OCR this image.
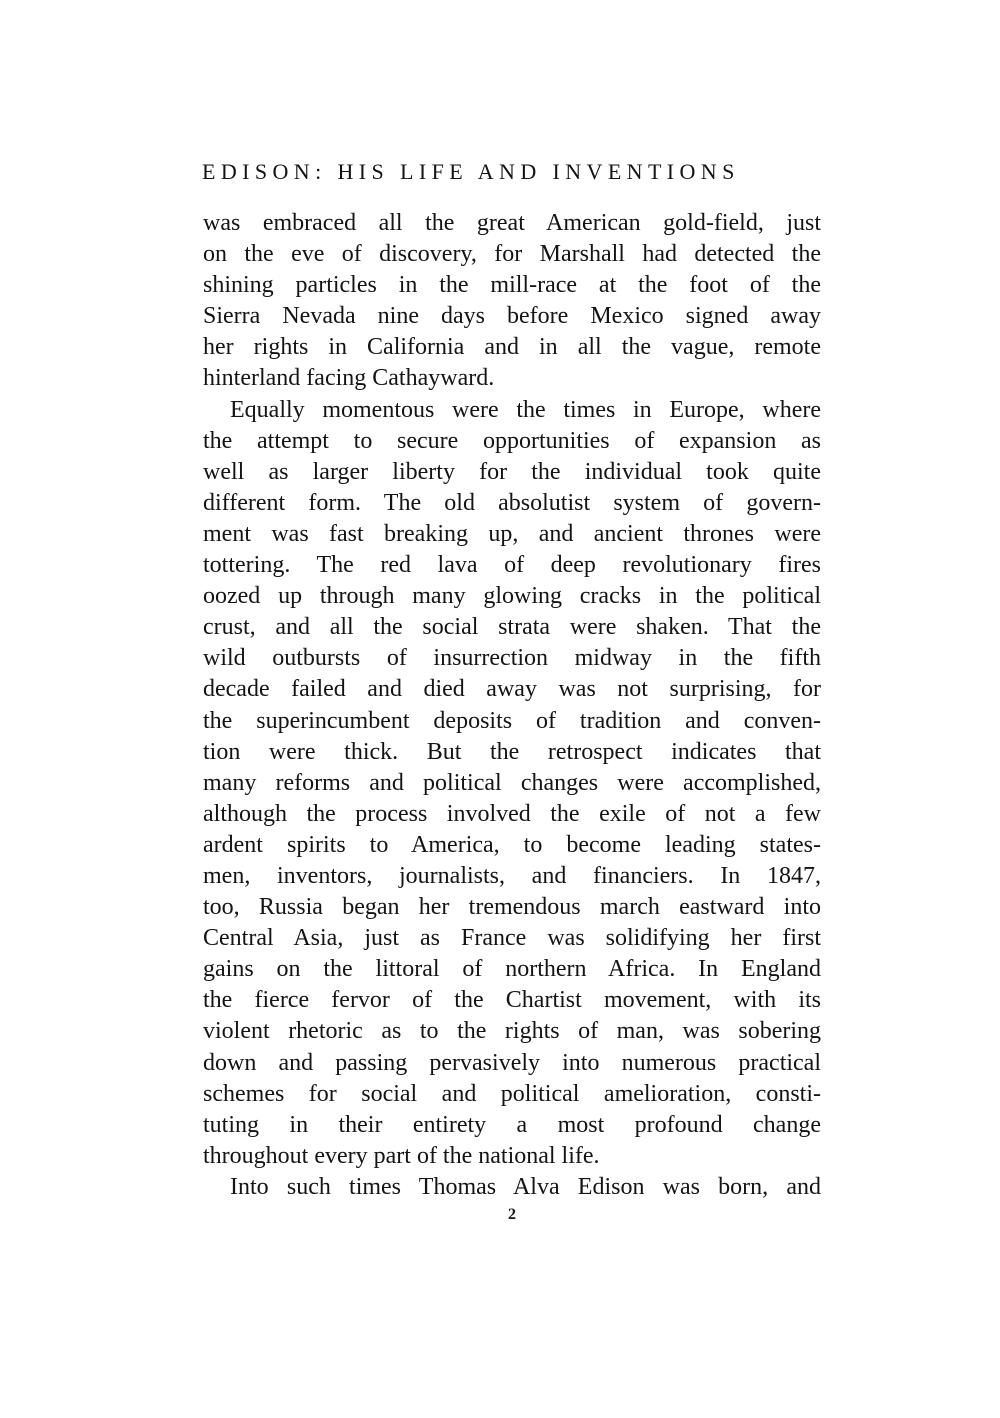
EDISON: HIS LIFE AND INVENTIONS
was embraced all the great American gold-field, just
on the eve of discovery, for Marshall had detected the
shining particles in the mill-race at the foot of the
Sierra Nevada nine days before Mexico signed away
her rights in California and in all the vague, remote
hinterland facing Cathayward.
Equally momentous were the times in Europe, where
the attempt to secure opportunities of expansion as
well as larger liberty for the individual took quite
different form. The old absolutist system of govern-
ment was fast breaking up, and ancient thrones were
tottering. The red lava of deep revolutionary fires
oozed up through many glowing cracks in the political
crust, and all the social strata were shaken. That the
wild outbursts of insurrection midway in the fifth
decade failed and died away was not surprising, for
the superincumbent deposits of tradition and conven-
tion were thick. But the retrospect indicates that
many reforms and political changes were accomplished,
although the process involved the exile of not a few
ardent spirits to America, to become leading states-
men, inventors, journalists, and financiers. In 1847,
too, Russia began her tremendous march eastward into
Central Asia, just as France was solidifying her first
gains on the littoral of northern Africa. In England
the fierce fervor of the Chartist movement, with its
violent rhetoric as to the rights of man, was sobering
down and passing pervasively into numerous practical
schemes for social and political amelioration, consti-
tuting in their entirety a most profound change
throughout every part of the national life.
Into such times Thomas Alva Edison was born, and
2
